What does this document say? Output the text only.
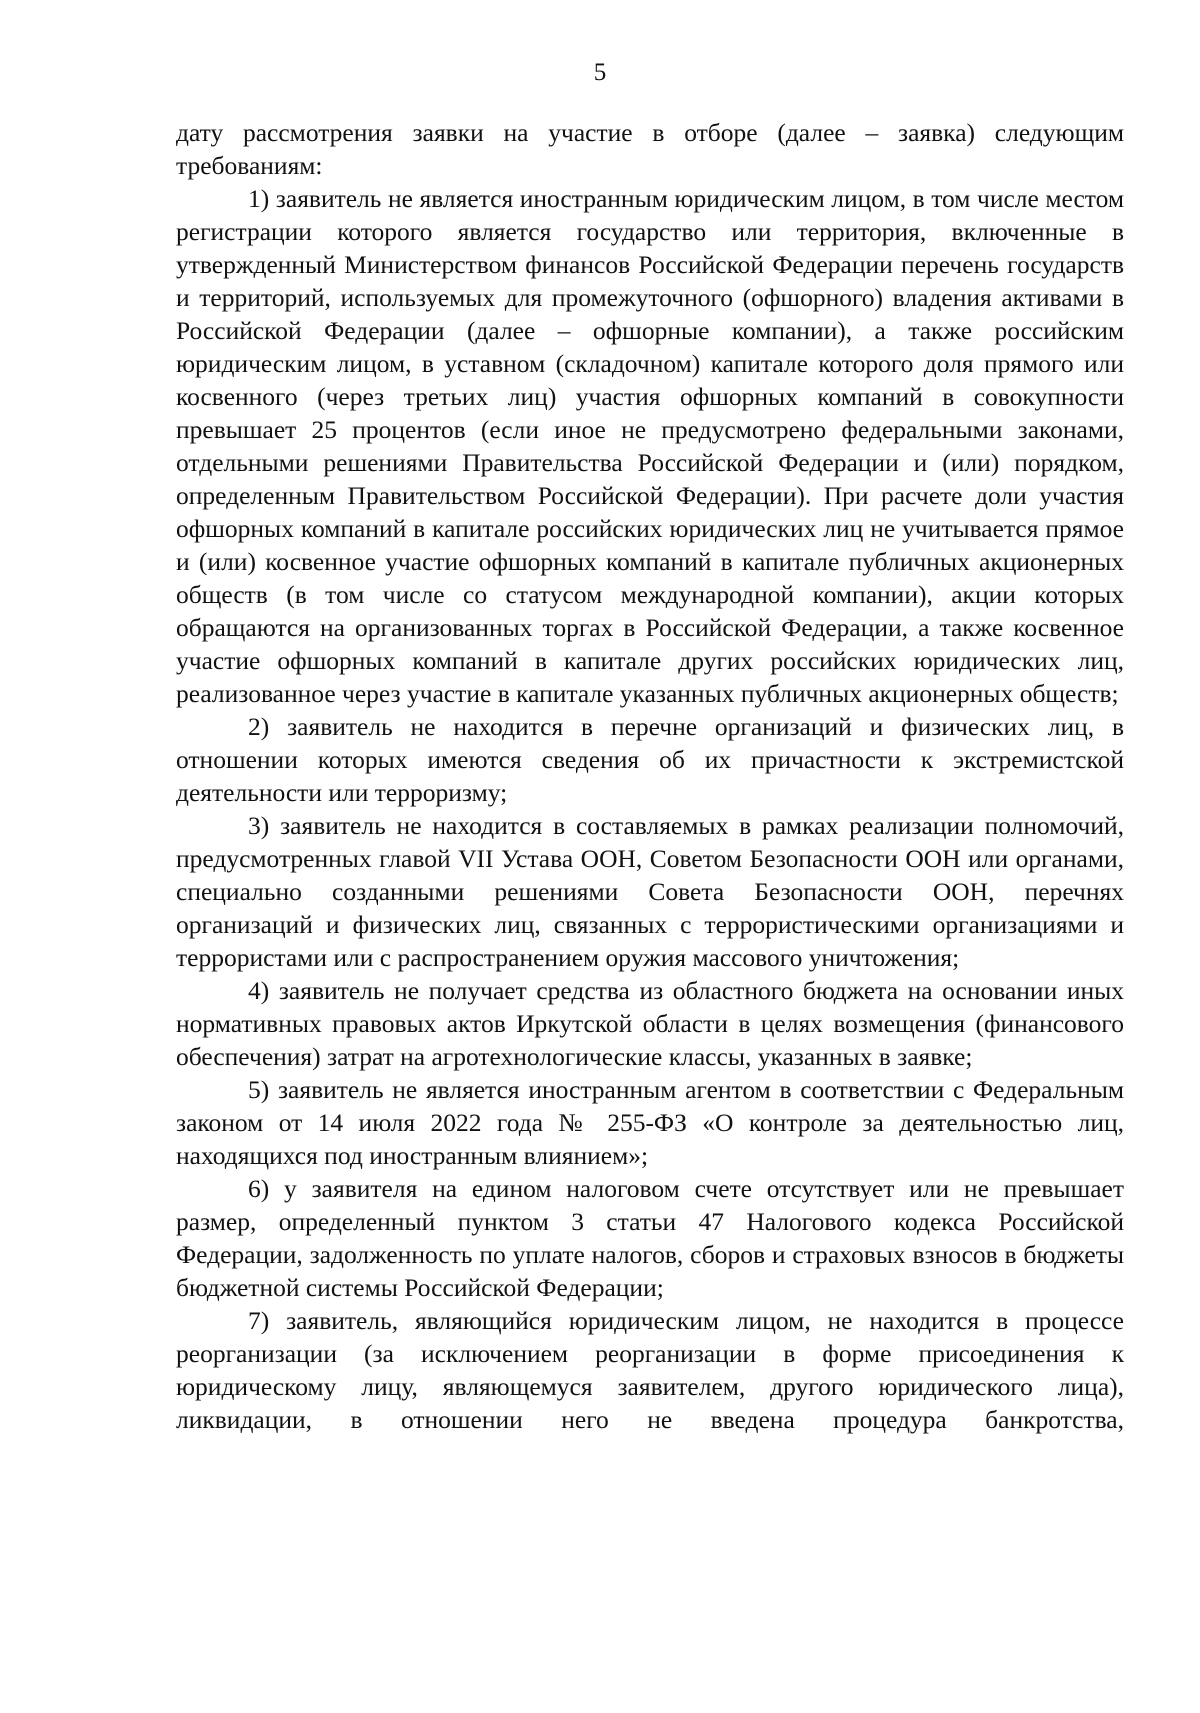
5

дату рассмотрения заявки на участие в отборе (далее – заявка) следующим требованиям:

1) заявитель не является иностранным юридическим лицом, в том числе местом регистрации которого является государство или территория, включенные в утвержденный Министерством финансов Российской Федерации перечень государств и территорий, используемых для промежуточного (офшорного) владения активами в Российской Федерации (далее – офшорные компании), а также российским юридическим лицом, в уставном (складочном) капитале которого доля прямого или косвенного (через третьих лиц) участия офшорных компаний в совокупности превышает 25 процентов (если иное не предусмотрено федеральными законами, отдельными решениями Правительства Российской Федерации и (или) порядком, определенным Правительством Российской Федерации). При расчете доли участия офшорных компаний в капитале российских юридических лиц не учитывается прямое и (или) косвенное участие офшорных компаний в капитале публичных акционерных обществ (в том числе со статусом международной компании), акции которых обращаются на организованных торгах в Российской Федерации, а также косвенное участие офшорных компаний в капитале других российских юридических лиц, реализованное через участие в капитале указанных публичных акционерных обществ;

2) заявитель не находится в перечне организаций и физических лиц, в отношении которых имеются сведения об их причастности к экстремистской деятельности или терроризму;

3) заявитель не находится в составляемых в рамках реализации полномочий, предусмотренных главой VII Устава ООН, Советом Безопасности ООН или органами, специально созданными решениями Совета Безопасности ООН, перечнях организаций и физических лиц, связанных с террористическими организациями и террористами или с распространением оружия массового уничтожения;

4) заявитель не получает средства из областного бюджета на основании иных нормативных правовых актов Иркутской области в целях возмещения (финансового обеспечения) затрат на агротехнологические классы, указанных в заявке;

5) заявитель не является иностранным агентом в соответствии с Федеральным законом от 14 июля 2022 года № 255-ФЗ «О контроле за деятельностью лиц, находящихся под иностранным влиянием»;

6) у заявителя на едином налоговом счете отсутствует или не превышает размер, определенный пунктом 3 статьи 47 Налогового кодекса Российской Федерации, задолженность по уплате налогов, сборов и страховых взносов в бюджеты бюджетной системы Российской Федерации;

7) заявитель, являющийся юридическим лицом, не находится в процессе реорганизации (за исключением реорганизации в форме присоединения к юридическому лицу, являющемуся заявителем, другого юридического лица), ликвидации, в отношении него не введена процедура банкротства,
